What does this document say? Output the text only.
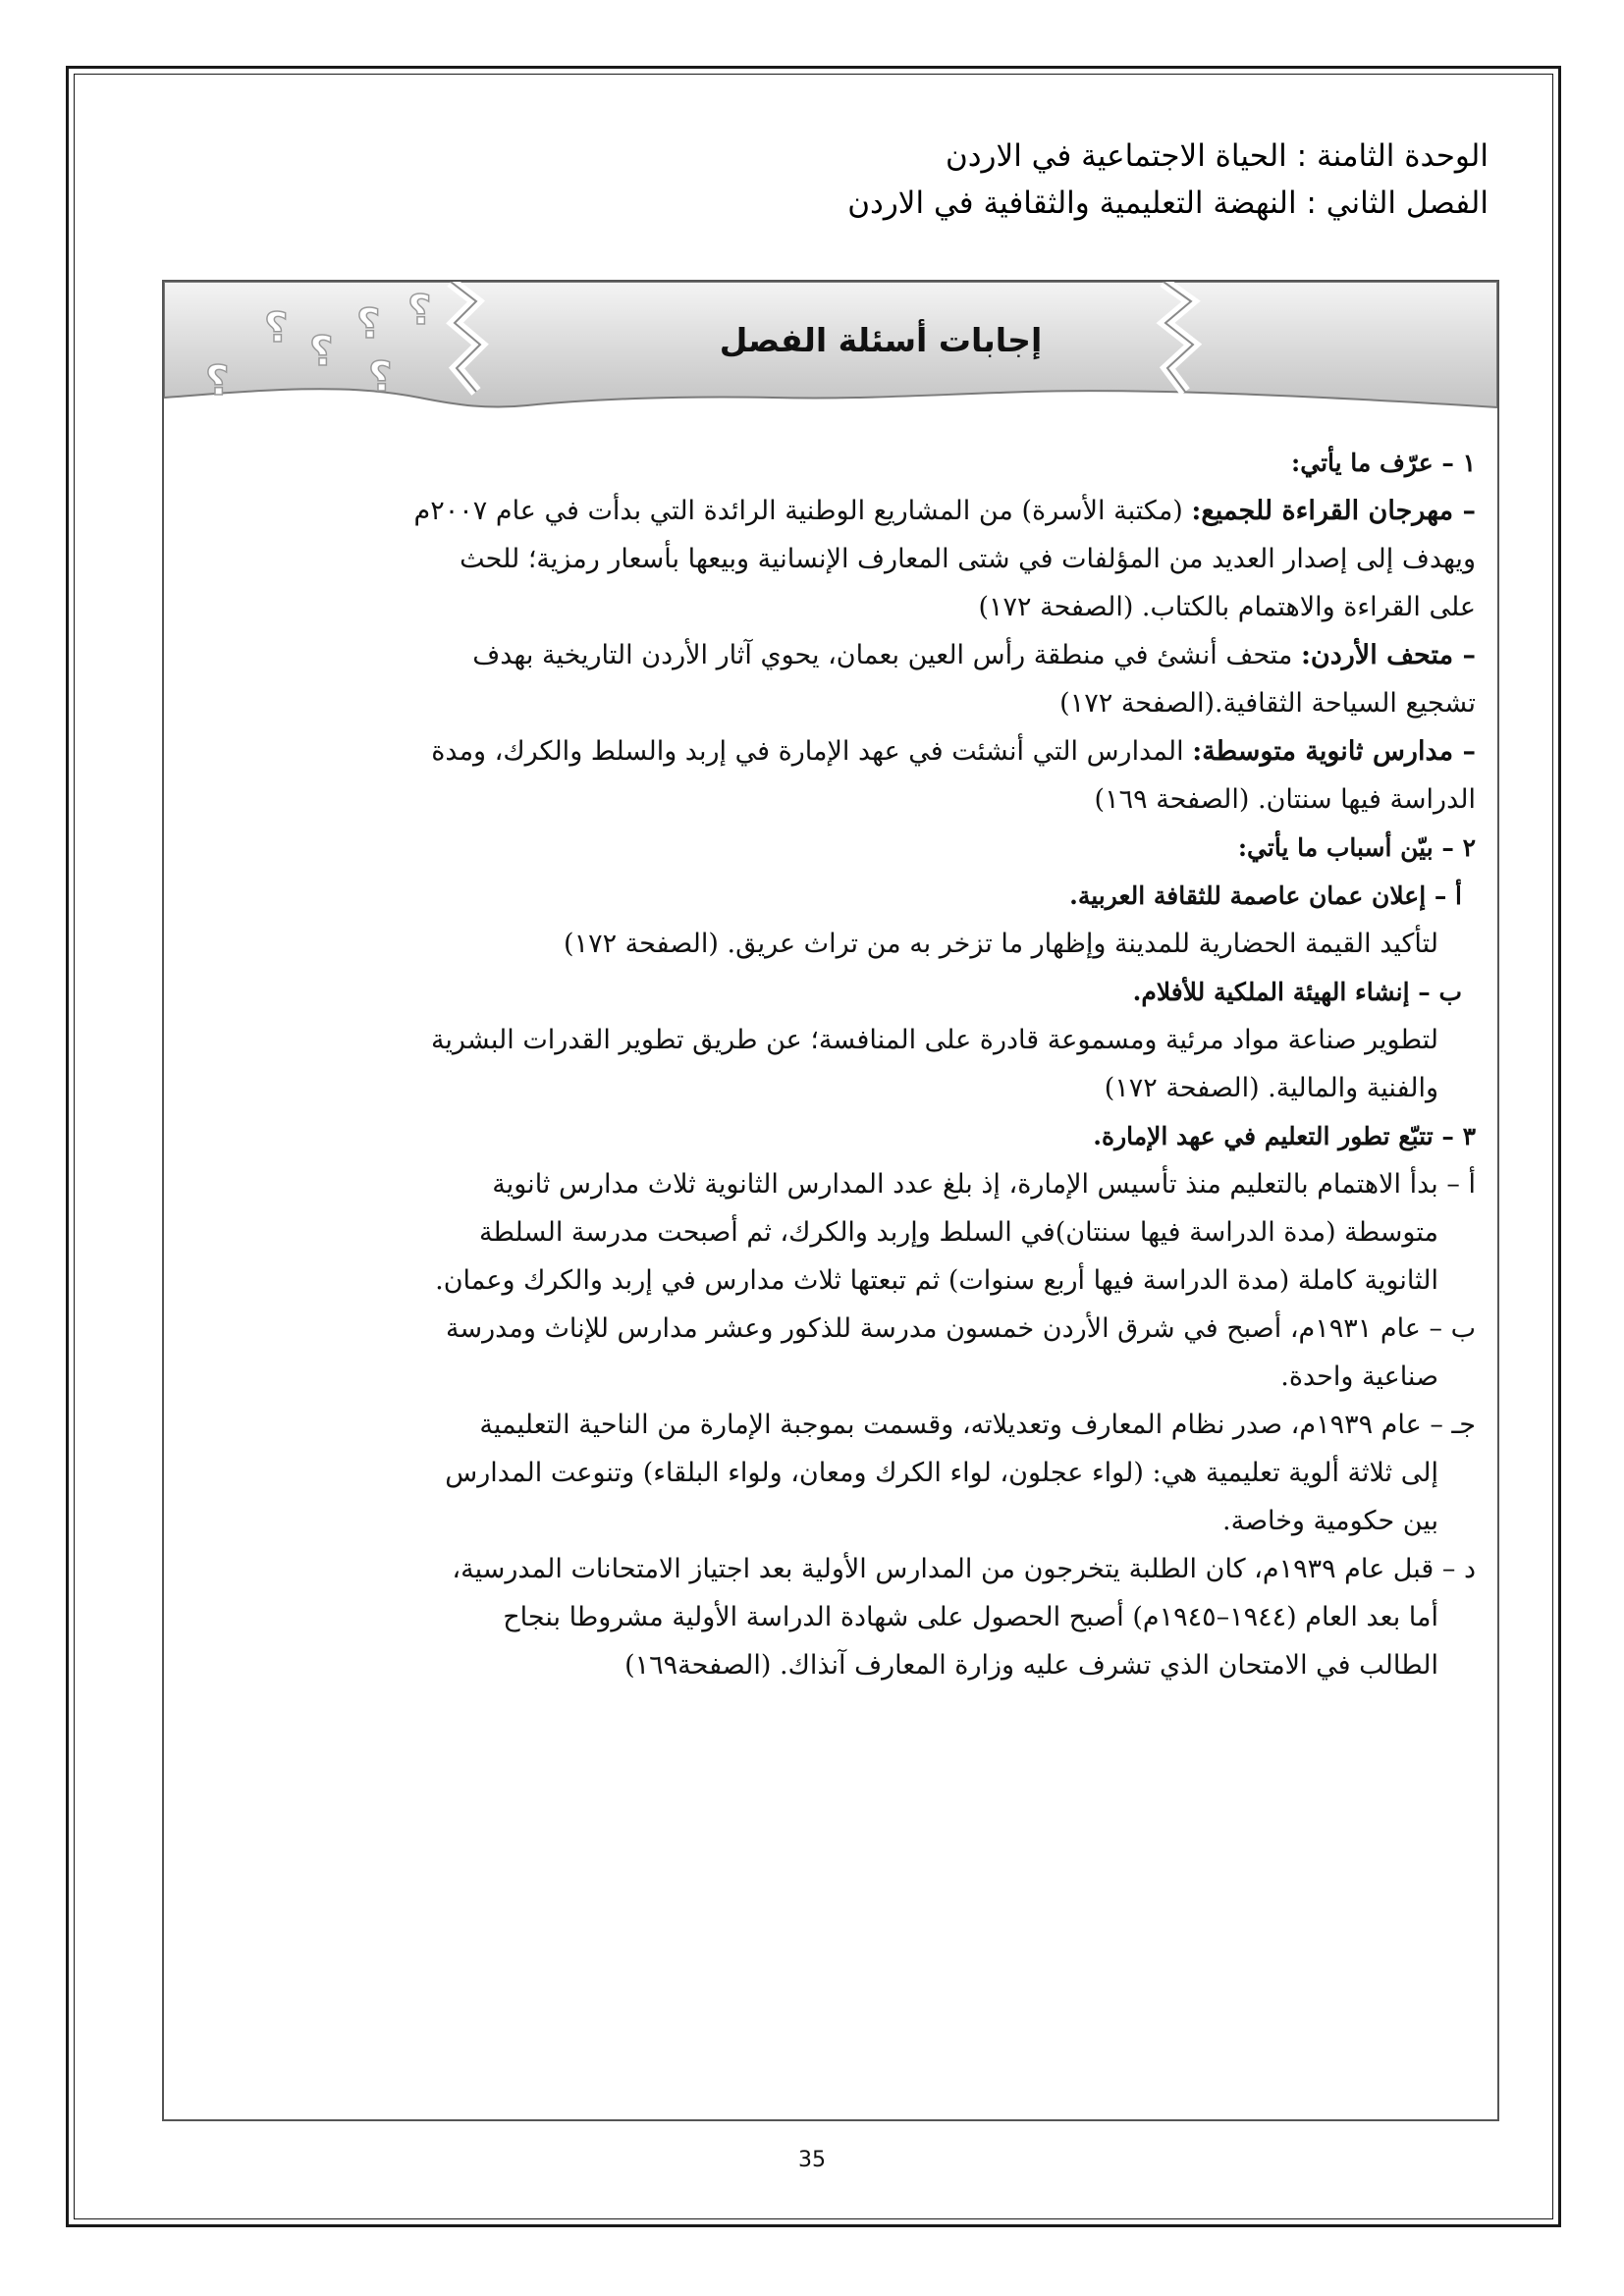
الوحدة الثامنة : الحياة الاجتماعية في الاردن
الفصل الثاني : النهضة التعليمية والثقافية في الاردن
؟ ؟
؟ ؟
؟	؟
إجابات أسئلة الفصل
١ – عرّف ما يأتي:
– مهرجان القراءة للجميع: (مكتبة الأسرة) من المشاريع الوطنية الرائدة التي بدأت في عام ٢٠٠٧م
ويهدف إلى إصدار العديد من المؤلفات في شتى المعارف الإنسانية وبيعها بأسعار رمزية؛ للحث
على القراءة والاهتمام بالكتاب. (الصفحة ١٧٢)
– متحف الأردن: متحف أنشئ في منطقة رأس العين بعمان، يحوي آثار الأردن التاريخية بهدف
تشجيع السياحة الثقافية.(الصفحة ١٧٢)
– مدارس ثانوية متوسطة: المدارس التي أنشئت في عهد الإمارة في إربد والسلط والكرك، ومدة
الدراسة فيها سنتان. (الصفحة ١٦٩)
٢ – بيّن أسباب ما يأتي:
أ – إعلان عمان عاصمة للثقافة العربية.
لتأكيد القيمة الحضارية للمدينة وإظهار ما تزخر به من تراث عريق. (الصفحة ١٧٢)
ب – إنشاء الهيئة الملكية للأفلام.
لتطوير صناعة مواد مرئية ومسموعة قادرة على المنافسة؛ عن طريق تطوير القدرات البشرية
والفنية والمالية. (الصفحة ١٧٢)
٣ – تتبّع تطور التعليم في عهد الإمارة.
أ – بدأ الاهتمام بالتعليم منذ تأسيس الإمارة، إذ بلغ عدد المدارس الثانوية ثلاث مدارس ثانوية
متوسطة (مدة الدراسة فيها سنتان)في السلط وإربد والكرك، ثم أصبحت مدرسة السلطة
الثانوية كاملة (مدة الدراسة فيها أربع سنوات) ثم تبعتها ثلاث مدارس في إربد والكرك وعمان.
ب – عام ١٩٣١م، أصبح في شرق الأردن خمسون مدرسة للذكور وعشر مدارس للإناث ومدرسة
صناعية واحدة.
جـ – عام ١٩٣٩م، صدر نظام المعارف وتعديلاته، وقسمت بموجبة الإمارة من الناحية التعليمية
إلى ثلاثة ألوية تعليمية هي: (لواء عجلون، لواء الكرك ومعان، ولواء البلقاء) وتنوعت المدارس
بين حكومية وخاصة.
د – قبل عام ١٩٣٩م، كان الطلبة يتخرجون من المدارس الأولية بعد اجتياز الامتحانات المدرسية،
أما بعد العام (١٩٤٤–١٩٤٥م) أصبح الحصول على شهادة الدراسة الأولية مشروطا بنجاح
الطالب في الامتحان الذي تشرف عليه وزارة المعارف آنذاك. (الصفحة١٦٩)
35
